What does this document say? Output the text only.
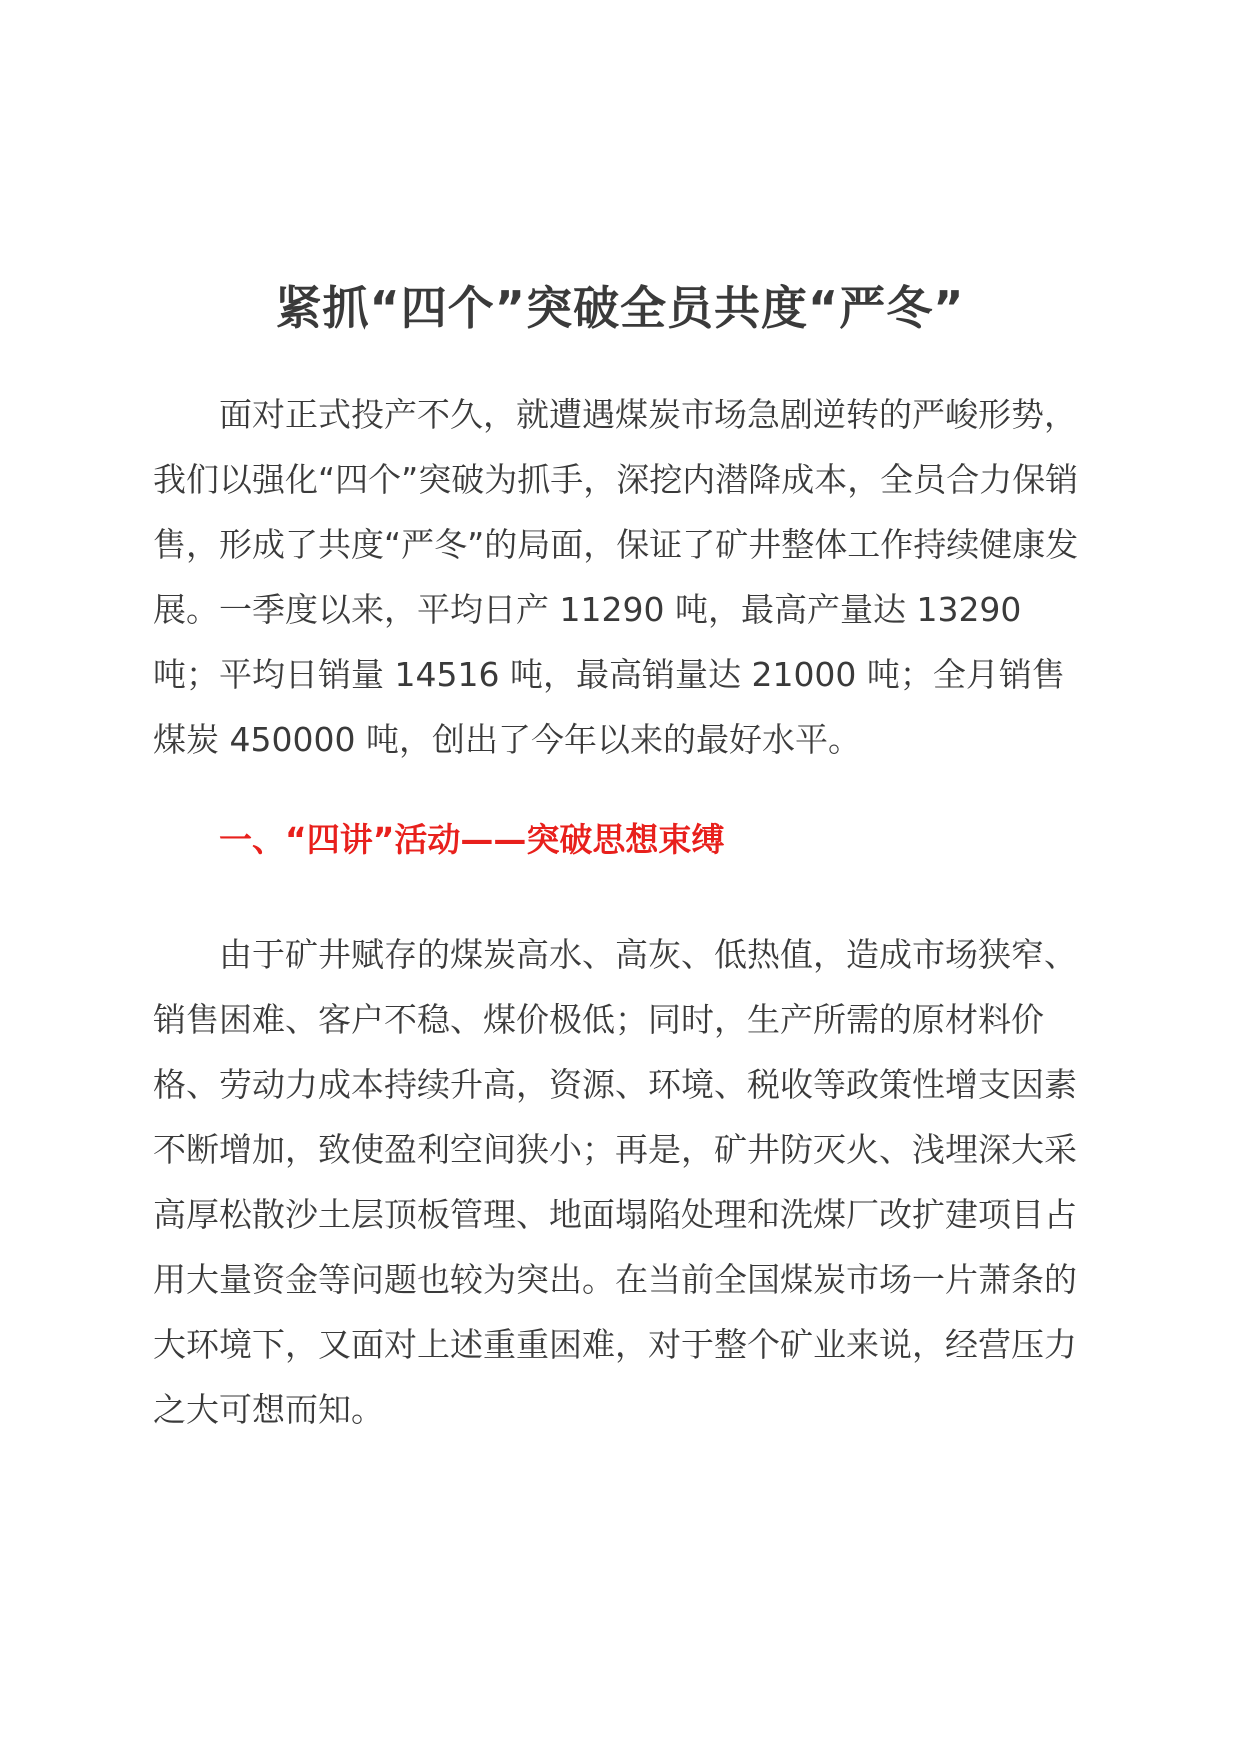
紧抓“四个”突破全员共度“严冬”

面对正式投产不久，就遭遇煤炭市场急剧逆转的严峻形势，我们以强化“四个”突破为抓手，深挖内潜降成本，全员合力保销售，形成了共度“严冬”的局面，保证了矿井整体工作持续健康发展。一季度以来，平均日产 11290 吨，最高产量达 13290 吨；平均日销量 14516 吨，最高销量达 21000 吨；全月销售煤炭 450000 吨，创出了今年以来的最好水平。

一、“四讲”活动——突破思想束缚

由于矿井赋存的煤炭高水、高灰、低热值，造成市场狭窄、销售困难、客户不稳、煤价极低；同时，生产所需的原材料价格、劳动力成本持续升高，资源、环境、税收等政策性增支因素不断增加，致使盈利空间狭小；再是，矿井防灭火、浅埋深大采高厚松散沙土层顶板管理、地面塌陷处理和洗煤厂改扩建项目占用大量资金等问题也较为突出。在当前全国煤炭市场一片萧条的大环境下，又面对上述重重困难，对于整个矿业来说，经营压力之大可想而知。
